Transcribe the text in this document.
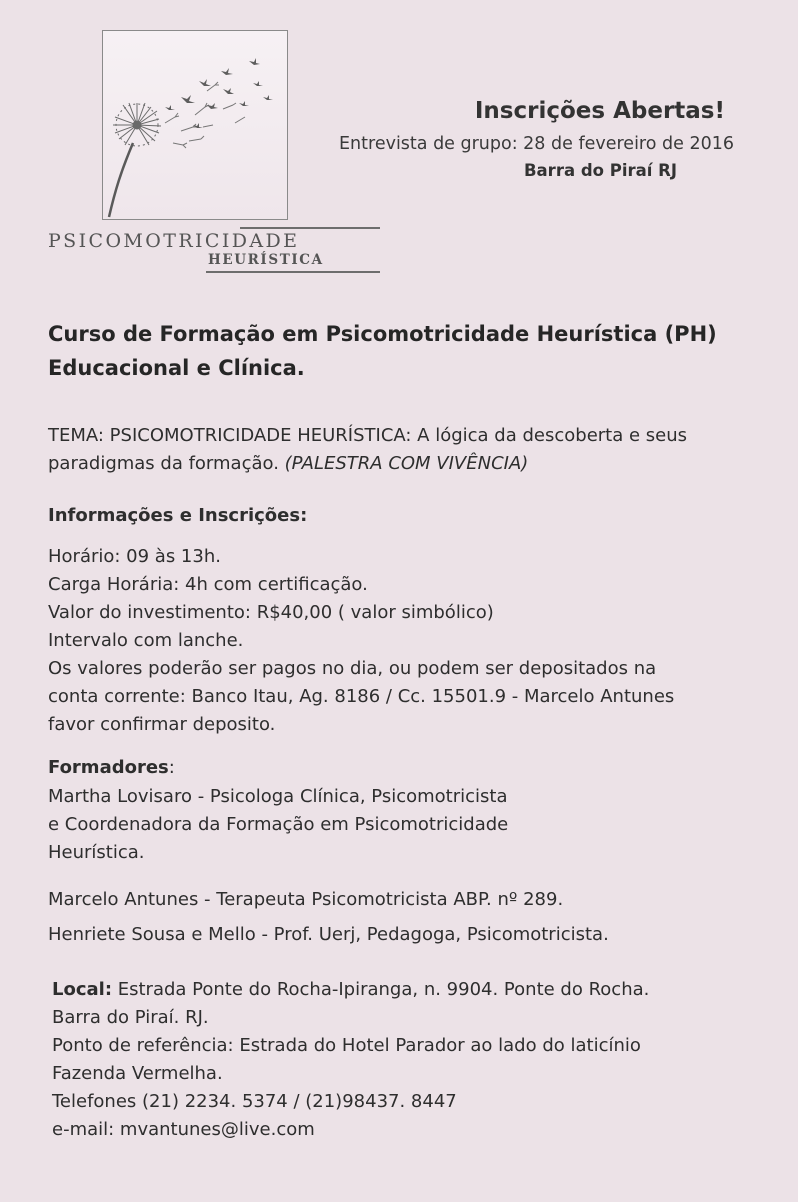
PSICOMOTRICIDADE
HEURÍSTICA
Inscrições Abertas!
Entrevista de grupo: 28 de fevereiro de 2016
Barra do Piraí RJ
Curso de Formação em Psicomotricidade Heurística (PH)
Educacional e Clínica.
TEMA: PSICOMOTRICIDADE HEURÍSTICA: A lógica da descoberta e seus
paradigmas da formação. (PALESTRA COM VIVÊNCIA)
Informações e Inscrições:
Horário: 09 às 13h.
Carga Horária: 4h com certificação.
Valor do investimento: R$40,00 ( valor simbólico)
Intervalo com lanche.
Os valores poderão ser pagos no dia, ou podem ser depositados na
conta corrente: Banco Itau, Ag. 8186 / Cc. 15501.9 - Marcelo Antunes
favor confirmar deposito.
Formadores:
Martha Lovisaro - Psicologa Clínica, Psicomotricista
e Coordenadora da Formação em Psicomotricidade
Heurística.
Marcelo Antunes - Terapeuta Psicomotricista ABP. nº 289.
Henriete Sousa e Mello - Prof. Uerj, Pedagoga, Psicomotricista.
Local: Estrada Ponte do Rocha-Ipiranga, n. 9904. Ponte do Rocha.
Barra do Piraí. RJ.
Ponto de referência: Estrada do Hotel Parador ao lado do laticínio
Fazenda Vermelha.
Telefones (21) 2234. 5374 / (21)98437. 8447
e-mail: mvantunes@live.com
